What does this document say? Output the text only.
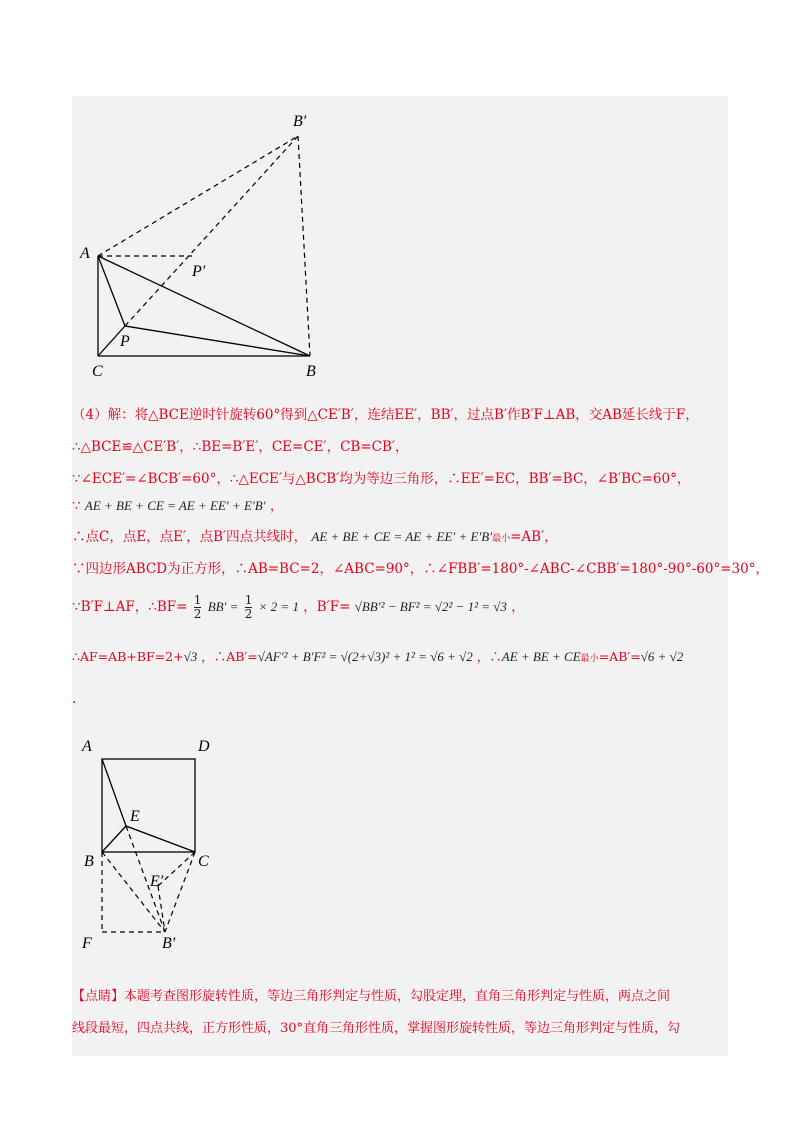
B′
A
P′
P
C	B
（4）解：将△BCE逆时针旋转60°得到△CE′B′，连结EE′，BB′，过点B′作B′F⊥AB，交AB延长线于F，
∴△BCE≌△CE′B′，∴BE=B′E′，CE=CE′，CB=CB′，
∵∠ECE′=∠BCB′=60°，∴△ECE′与△BCB′均为等边三角形，∴EE′=EC，BB′=BC，∠B′BC=60°，
∵ AE + BE + CE = AE + EE′ + E′B′ ，
∴点C，点E，点E′，点B′四点共线时， AE + BE + CE = AE + EE′ + E′B′最小=AB′，
∵四边形ABCD为正方形，∴AB=BC=2，∠ABC=90°，∴∠FBB′=180°-∠ABC-∠CBB′=180°-90°-60°=30°，
∵B′F⊥AF，∴BF= $\frac{1}{2} BB' = \frac{1}{2} \times 2 = 1$ ，B′F= √BB′² − BF² = √2² − 1² = √3 ，
∴AF=AB+BF=2+√3 ，∴AB′=√AF′² + B′F² = √(2+√3)² + 1² = √6 + √2 ，∴AE + BE + CE最小=AB′=√6 + √2
.
A	D
E
B	C
E′
F	B′
【点睛】本题考查图形旋转性质，等边三角形判定与性质，勾股定理，直角三角形判定与性质，两点之间
线段最短，四点共线，正方形性质，30°直角三角形性质，掌握图形旋转性质，等边三角形判定与性质，勾
